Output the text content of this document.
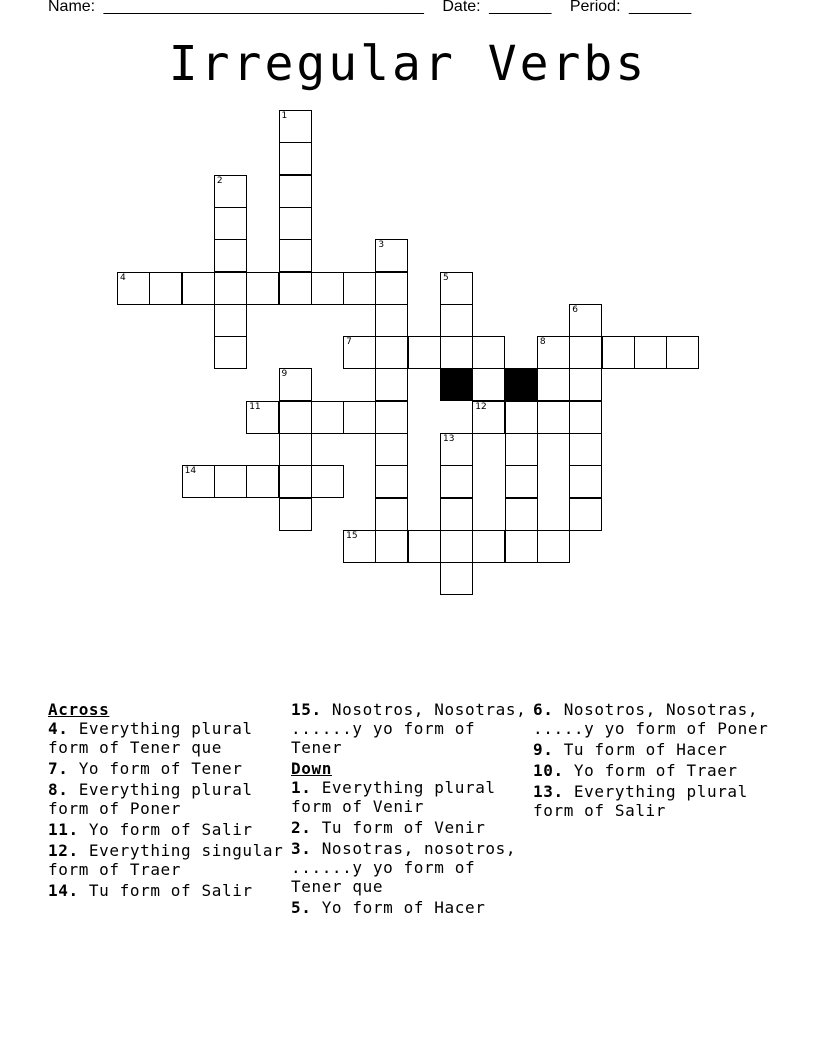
Name: ____________________________________ Date: _______ Period: _______
Irregular Verbs
1
2
3
4	5
6
7	8
9	10
11	12
13
14
15
Across
4. Everything plural form of Tener que
7. Yo form of Tener
8. Everything plural form of Poner
11. Yo form of Salir
12. Everything singular form of Traer
14. Tu form of Salir
15. Nosotros, Nosotras, ......y yo form of Tener
Down
1. Everything plural form of Venir
2. Tu form of Venir
3. Nosotras, nosotros, ......y yo form of Tener que
5. Yo form of Hacer
6. Nosotros, Nosotras, .....y yo form of Poner
9. Tu form of Hacer
10. Yo form of Traer
13. Everything plural form of Salir
